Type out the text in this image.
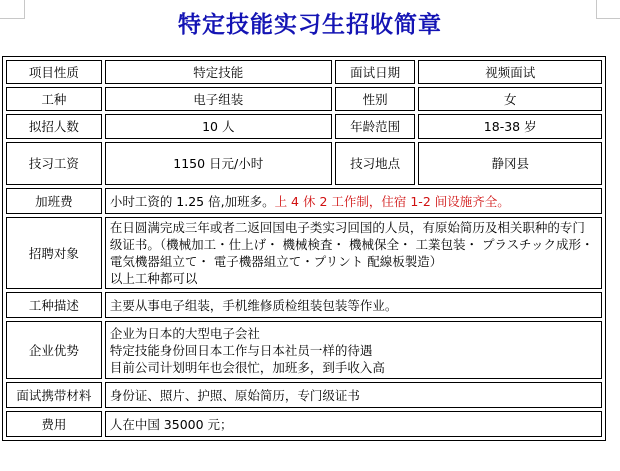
特定技能实习生招收简章
项目性质	特定技能	面试日期	视频面试
工种	电子组装	性别	女
拟招人数	10 人	年龄范围	18-38 岁
技习工资	1150 日元/小时	技习地点	静冈县
加班费	小时工资的 1.25 倍,加班多。上 4 休 2 工作制，住宿 1-2 间设施齐全。		
招聘对象	在日圆满完成三年或者二返回国电子类实习回国的人员，有原始简历及相关职种的专门级证书。（機械加工・仕上げ・ 機械検査・ 機械保全・ 工業包装・ プラスチック成形・ 電気機器組立て・ 電子機器組立て・プリント 配線板製造）
以上工种都可以		

工种描述	主要从事电子组装，手机维修质检组装包装等作业。		
企业优势	企业为日本的大型电子会社
特定技能身份回日本工作与日本社员一样的待遇
目前公司计划明年也会很忙，加班多，到手收入高		

面试携带材料	身份证、照片、护照、原始简历，专门级证书		
费用	人在中国 35000 元；		
